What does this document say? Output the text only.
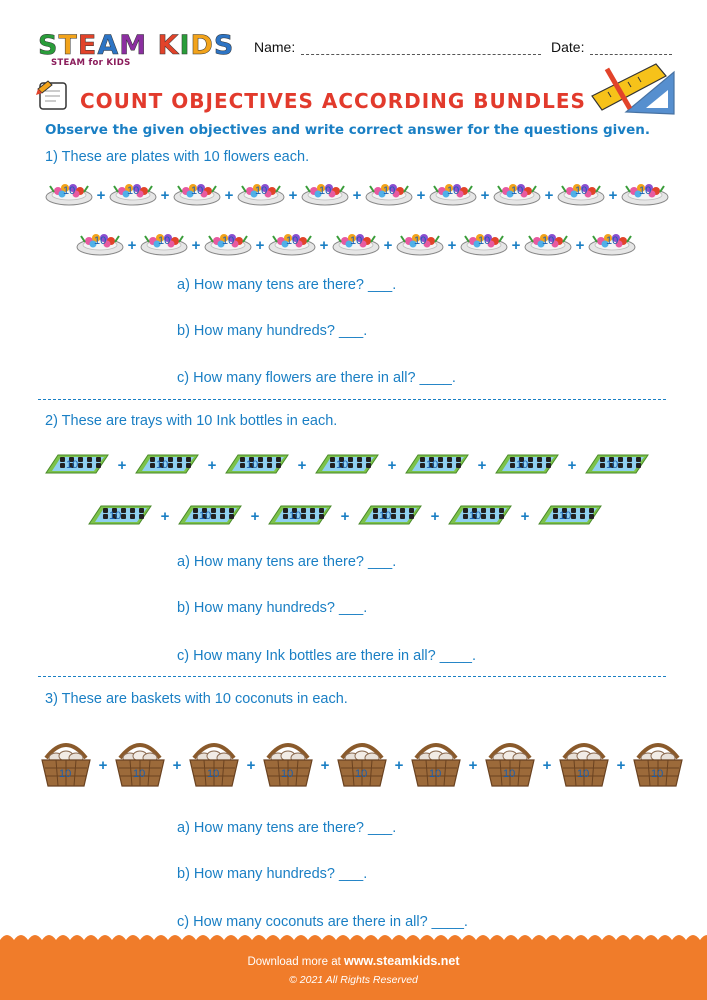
STEAM KIDS
STEAM for KIDS
Name:	Date:
COUNT OBJECTIVES ACCORDING BUNDLES
Observe the given objectives and write correct answer for the questions given.
1) These are plates with 10 flowers each.
10 +	10 +	10 +	10 +	10 +	10 +	10 +	10 +	10 +	10
10 +	10 +	10 +	10 +	10 +	10 +	10 +	10 +	10
a) How many tens are there? ___.
b) How many hundreds? ___.
c) How many flowers are there in all? ____.
2) These are trays with 10 Ink bottles in each.
10	+	10	+	10	+	10	+	10	+	10	+	10
10	+	10	+	10	+	10	+	10	+	10
a) How many tens are there? ___.
b) How many hundreds? ___.
c) How many Ink bottles are there in all? ____.
3) These are baskets with 10 coconuts in each.
10
+
10
+
10
+
10
+
10
+
10
+
10
+
10
+
10
a) How many tens are there? ___.
b) How many hundreds? ___.
c) How many coconuts are there in all? ____.
Download more at www.steamkids.net
© 2021 All Rights Reserved
